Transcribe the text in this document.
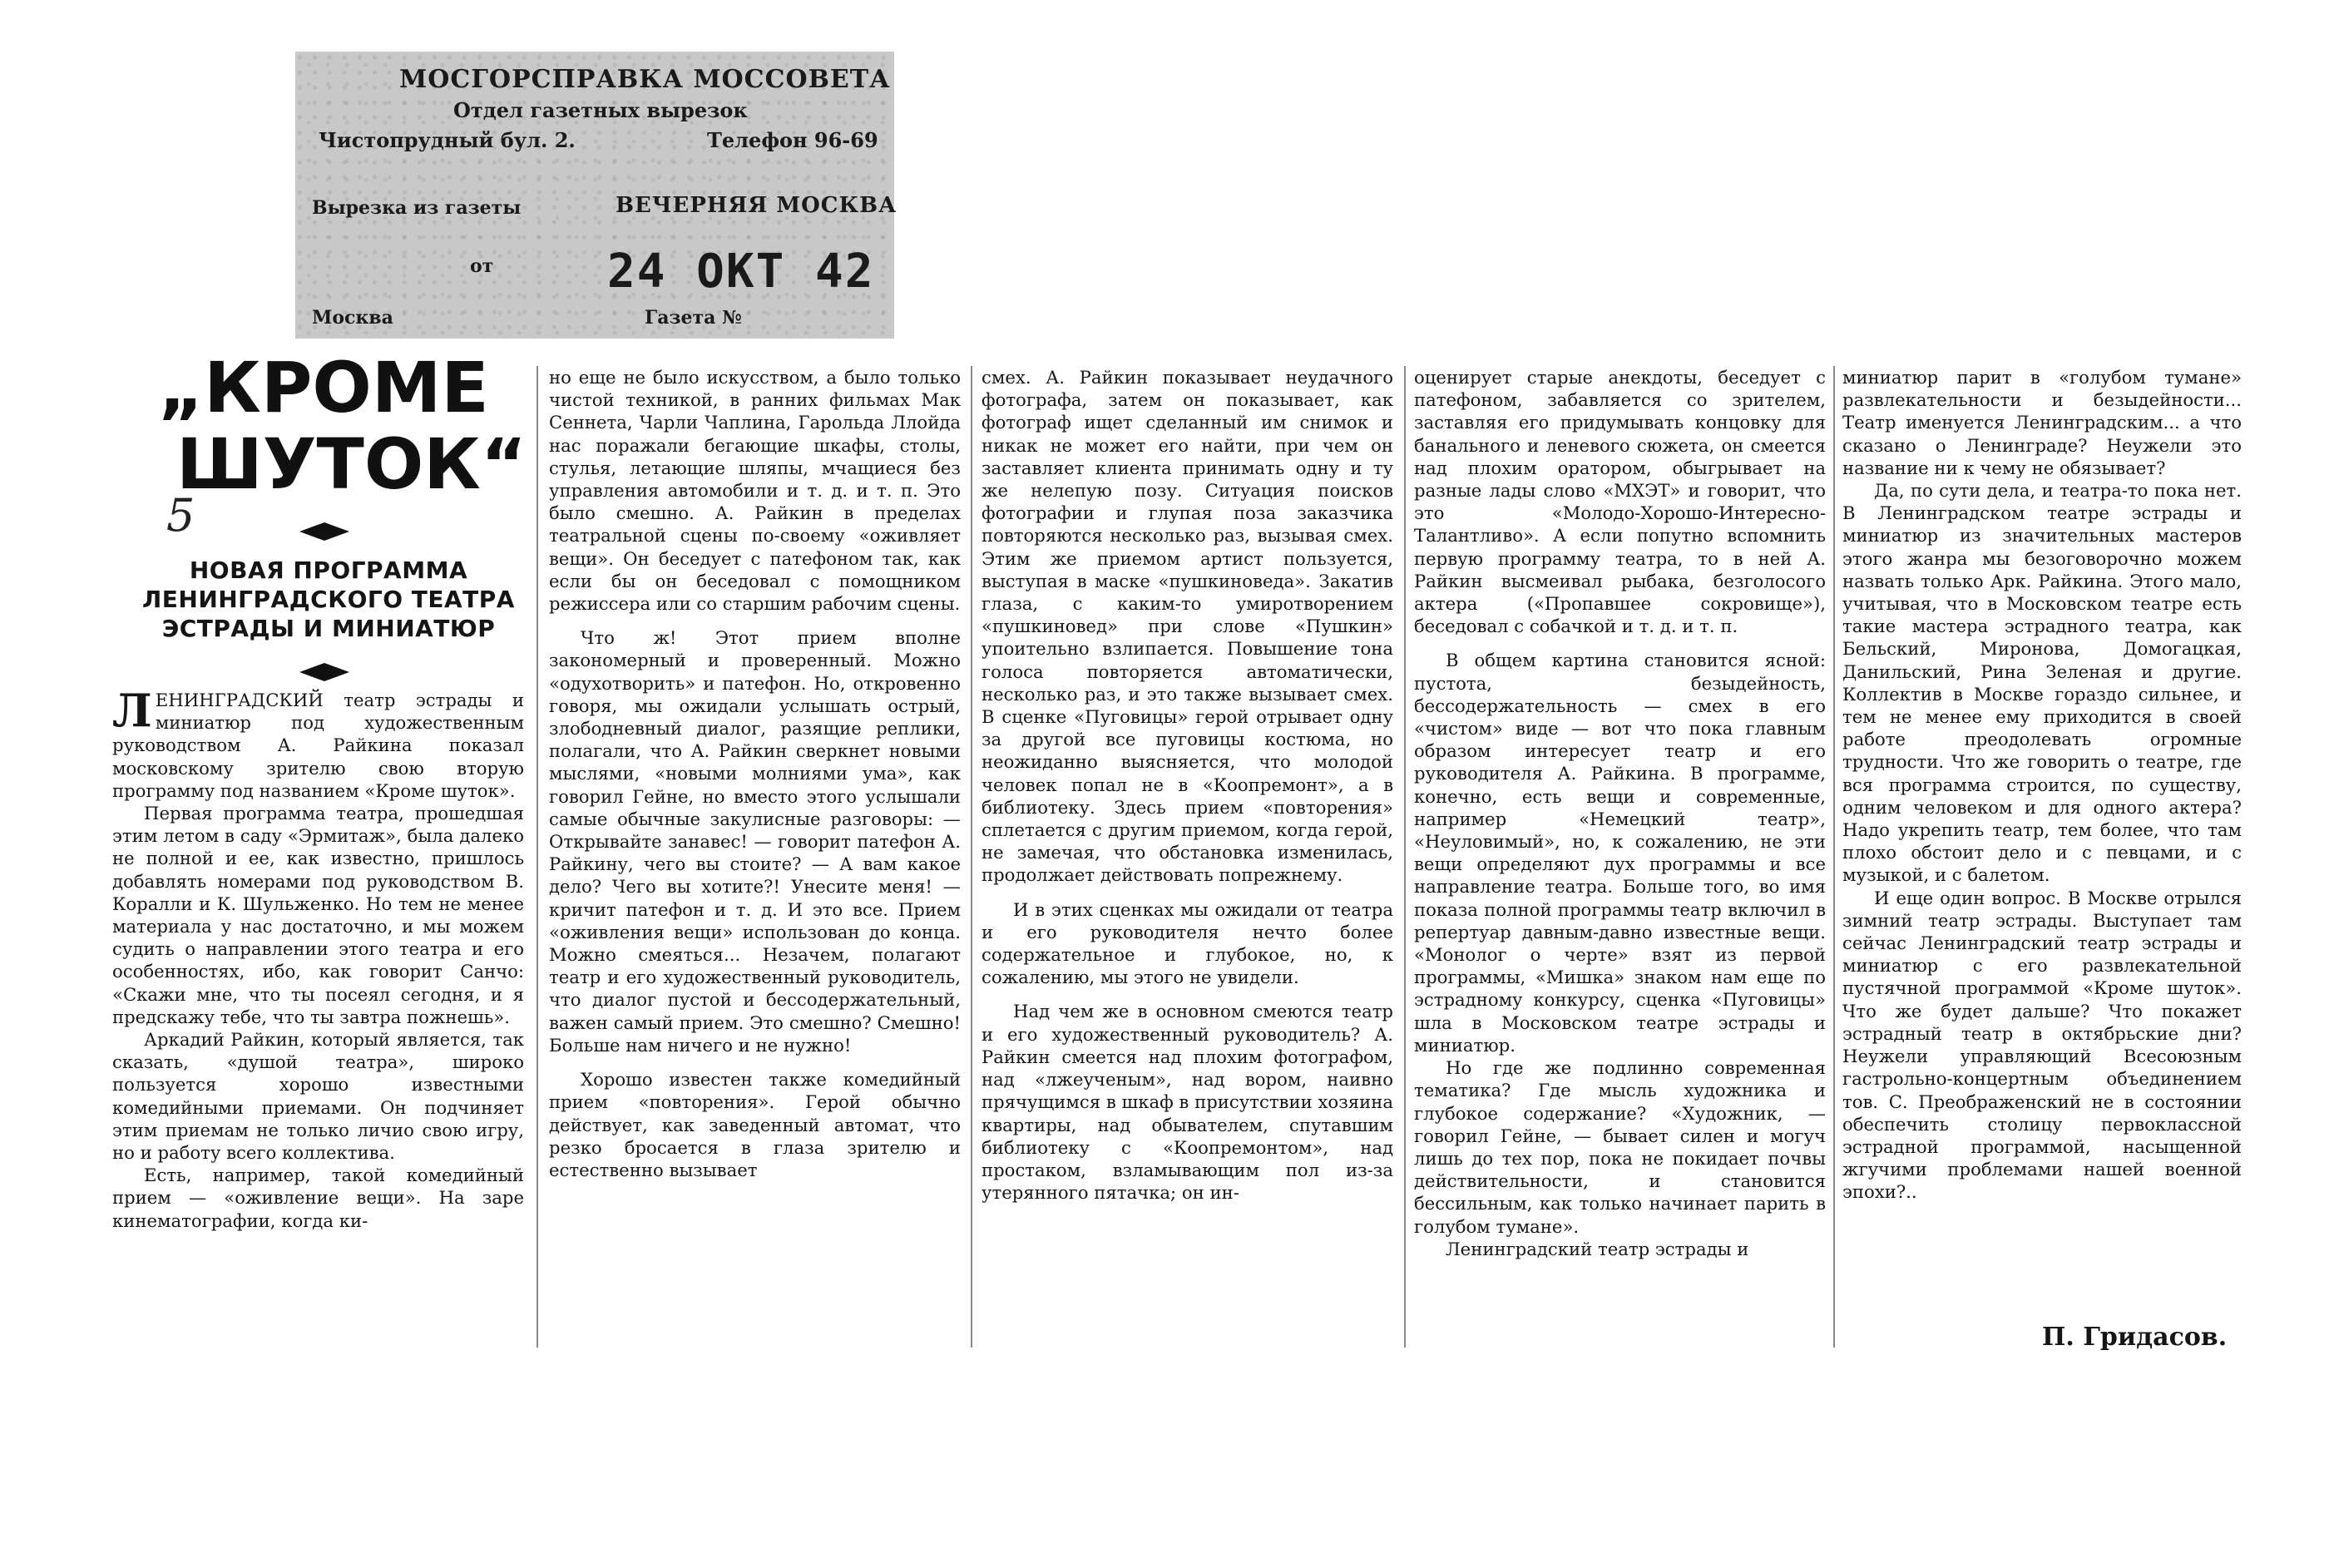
МОСГОРСПРАВКА МОССОВЕТА
Отдел газетных вырезок
Чистопрудный бул. 2.	Телефон 96-69
Вырезка из газеты	ВЕЧЕРНЯЯ МОСКВА
от 24 ОКТ 42
Москва	Газета №
„КРОМЕ
ШУТОК“
5
НОВАЯ ПРОГРАММА
ЛЕНИНГРАДСКОГО ТЕАТРА
ЭСТРАДЫ И МИНИАТЮР

ЛЕНИНГРАДСКИЙ театр эстрады и миниатюр под художественным руководством А. Райкина показал московскому зрителю свою вторую программу под названием «Кроме шуток».

Первая программа театра, прошедшая этим летом в саду «Эрмитаж», была далеко не полной и ее, как известно, пришлось добавлять номерами под руководством В. Коралли и К. Шульженко. Но тем не менее материала у нас достаточно, и мы можем судить о направлении этого театра и его особенностях, ибо, как говорит Санчо: «Скажи мне, что ты посеял сегодня, и я предскажу тебе, что ты завтра пожнешь».

Аркадий Райкин, который является, так сказать, «душой театра», широко пользуется хорошо известными комедийными приемами. Он подчиняет этим приемам не только личио свою игру, но и работу всего коллектива.

Есть, например, такой комедийный прием — «оживление вещи». На заре кинематографии, когда ки-

но еще не было искусством, а было только чистой техникой, в ранних фильмах Мак Сеннета, Чарли Чаплина, Гарольда Ллойда нас поражали бегающие шкафы, столы, стулья, летающие шляпы, мчащиеся без управления автомобили и т. д. и т. п. Это было смешно. А. Райкин в пределах театральной сцены по-своему «оживляет вещи». Он беседует с патефоном так, как если бы он беседовал с помощником режиссера или со старшим рабочим сцены.

Что ж! Этот прием вполне закономерный и проверенный. Можно «одухотворить» и патефон. Но, откровенно говоря, мы ожидали услышать острый, злободневный диалог, разящие реплики, полагали, что А. Райкин сверкнет новыми мыслями, «новыми молниями ума», как говорил Гейне, но вместо этого услышали самые обычные закулисные разговоры: — Открывайте занавес! — говорит патефон А. Райкину, чего вы стоите? — А вам какое дело? Чего вы хотите?! Унесите меня! — кричит патефон и т. д. И это все. Прием «оживления вещи» использован до конца. Можно смеяться... Незачем, полагают театр и его художественный руководитель, что диалог пустой и бессодержательный, важен самый прием. Это смешно? Смешно! Больше нам ничего и не нужно!

Хорошо известен также комедийный прием «повторения». Герой обычно действует, как заведенный автомат, что резко бросается в глаза зрителю и естественно вызывает

смех. А. Райкин показывает неудачного фотографа, затем он показывает, как фотограф ищет сделанный им снимок и никак не может его найти, при чем он заставляет клиента принимать одну и ту же нелепую позу. Ситуация поисков фотографии и глупая поза заказчика повторяются несколько раз, вызывая смех. Этим же приемом артист пользуется, выступая в маске «пушкиноведа». Закатив глаза, с каким-то умиротворением «пушкиновед» при слове «Пушкин» упоительно взлипается. Повышение тона голоса повторяется автоматически, несколько раз, и это также вызывает смех. В сценке «Пуговицы» герой отрывает одну за другой все пуговицы костюма, но неожиданно выясняется, что молодой человек попал не в «Коопремонт», а в библиотеку. Здесь прием «повторения» сплетается с другим приемом, когда герой, не замечая, что обстановка изменилась, продолжает действовать попрежнему.

И в этих сценках мы ожидали от театра и его руководителя нечто более содержательное и глубокое, но, к сожалению, мы этого не увидели.

Над чем же в основном смеются театр и его художественный руководитель? А. Райкин смеется над плохим фотографом, над «лжеученым», над вором, наивно прячущимся в шкаф в присутствии хозяина квартиры, над обывателем, спутавшим библиотеку с «Коопремонтом», над простаком, взламывающим пол из-за утерянного пятачка; он ин-

оценирует старые анекдоты, беседует с патефоном, забавляется со зрителем, заставляя его придумывать концовку для банального и леневого сюжета, он смеется над плохим оратором, обыгрывает на разные лады слово «МХЭТ» и говорит, что это «Молодо-Хорошо-Интересно-Талантливо». А если попутно вспомнить первую программу театра, то в ней А. Райкин высмеивал рыбака, безголосого актера («Пропавшее сокровище»), беседовал с собачкой и т. д. и т. п.

В общем картина становится ясной: пустота, безыдейность, бессодержательность — смех в его «чистом» виде — вот что пока главным образом интересует театр и его руководителя А. Райкина. В программе, конечно, есть вещи и современные, например «Немецкий театр», «Неуловимый», но, к сожалению, не эти вещи определяют дух программы и все направление театра. Больше того, во имя показа полной программы театр включил в репертуар давным-давно известные вещи. «Монолог о черте» взят из первой программы, «Мишка» знаком нам еще по эстрадному конкурсу, сценка «Пуговицы» шла в Московском театре эстрады и миниатюр.

Но где же подлинно современная тематика? Где мысль художника и глубокое содержание? «Художник, — говорил Гейне, — бывает силен и могуч лишь до тех пор, пока не покидает почвы действительности, и становится бессильным, как только начинает парить в голубом тумане».

Ленинградский театр эстрады и

миниатюр парит в «голубом тумане» развлекательности и безыдейности... Театр именуется Ленинградским... а что сказано о Ленинграде? Неужели это название ни к чему не обязывает?

Да, по сути дела, и театра-то пока нет. В Ленинградском театре эстрады и миниатюр из значительных мастеров этого жанра мы безоговорочно можем назвать только Арк. Райкина. Этого мало, учитывая, что в Московском театре есть такие мастера эстрадного театра, как Бельский, Миронова, Домогацкая, Данильский, Рина Зеленая и другие. Коллектив в Москве гораздо сильнее, и тем не менее ему приходится в своей работе преодолевать огромные трудности. Что же говорить о театре, где вся программа строится, по существу, одним человеком и для одного актера? Надо укрепить театр, тем более, что там плохо обстоит дело и с певцами, и с музыкой, и с балетом.

И еще один вопрос. В Москве отрылся зимний театр эстрады. Выступает там сейчас Ленинградский театр эстрады и миниатюр с его развлекательной пустячной программой «Кроме шуток». Что же будет дальше? Что покажет эстрадный театр в октябрьские дни? Неужели управляющий Всесоюзным гастрольно-концертным объединением тов. С. Преображенский не в состоянии обеспечить столицу первоклассной эстрадной программой, насыщенной жгучими проблемами нашей военной эпохи?..

П. Гридасов.
